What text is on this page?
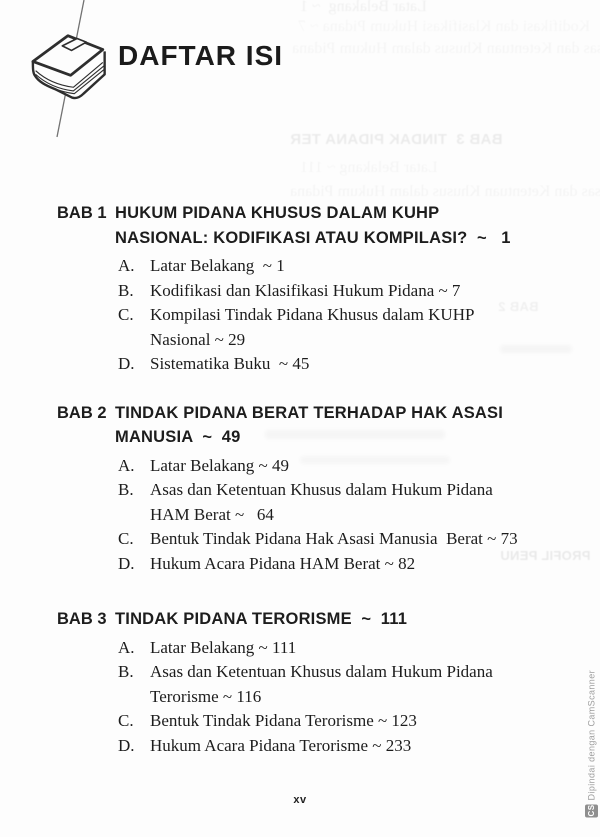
Latar Belakang  ~ 1
BAB 3  TINDAK PIDANA TER
BAB 2
PROFIL PENU
DAFTAR ISI
BAB 1 HUKUM PIDANA KHUSUS DALAM KUHP
NASIONAL: KODIFIKASI ATAU KOMPILASI?  ~   1
A. Latar Belakang  ~ 1
B. Kodifikasi dan Klasifikasi Hukum Pidana ~ 7
C. Kompilasi Tindak Pidana Khusus dalam KUHP
Nasional ~ 29
D. Sistematika Buku  ~ 45
BAB 2 TINDAK PIDANA BERAT TERHADAP HAK ASASI
MANUSIA  ~  49
A. Latar Belakang ~ 49
B. Asas dan Ketentuan Khusus dalam Hukum Pidana
HAM Berat ~   64
C. Bentuk Tindak Pidana Hak Asasi Manusia  Berat ~ 73
D. Hukum Acara Pidana HAM Berat ~ 82
BAB 3 TINDAK PIDANA TERORISME  ~  111
A. Latar Belakang ~ 111
B. Asas dan Ketentuan Khusus dalam Hukum Pidana
Terorisme ~ 116
C. Bentuk Tindak Pidana Terorisme ~ 123
D. Hukum Acara Pidana Terorisme ~ 233
xv
CS
Dipindai dengan CamScanner
